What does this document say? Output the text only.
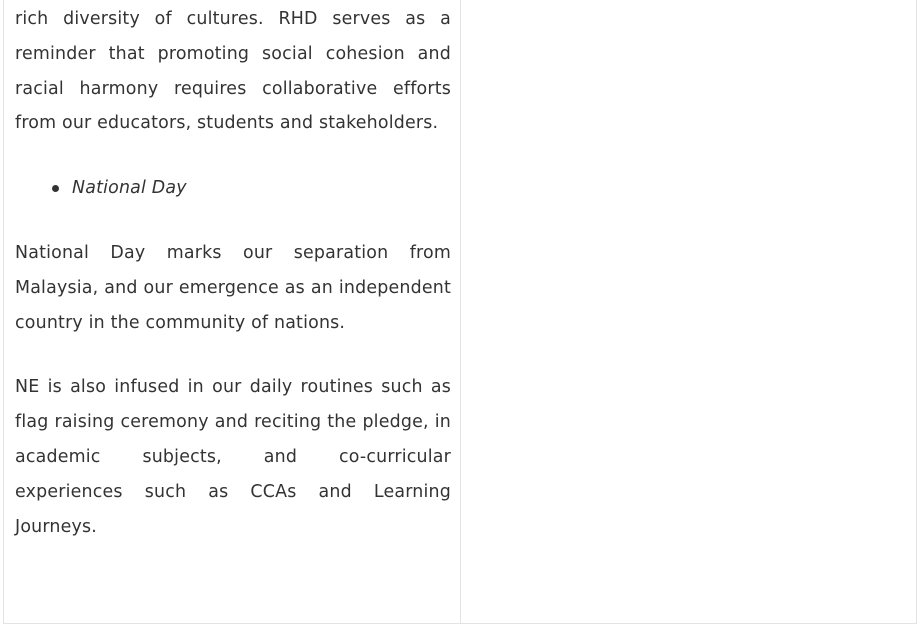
rich diversity of cultures. RHD serves as a reminder that promoting social cohesion and racial harmony requires collaborative efforts from our educators, students and stakeholders.

National Day

National Day marks our separation from Malaysia, and our emergence as an independent country in the community of nations.

NE is also infused in our daily routines such as flag raising ceremony and reciting the pledge, in academic subjects, and co-curricular experiences such as CCAs and Learning Journeys.
